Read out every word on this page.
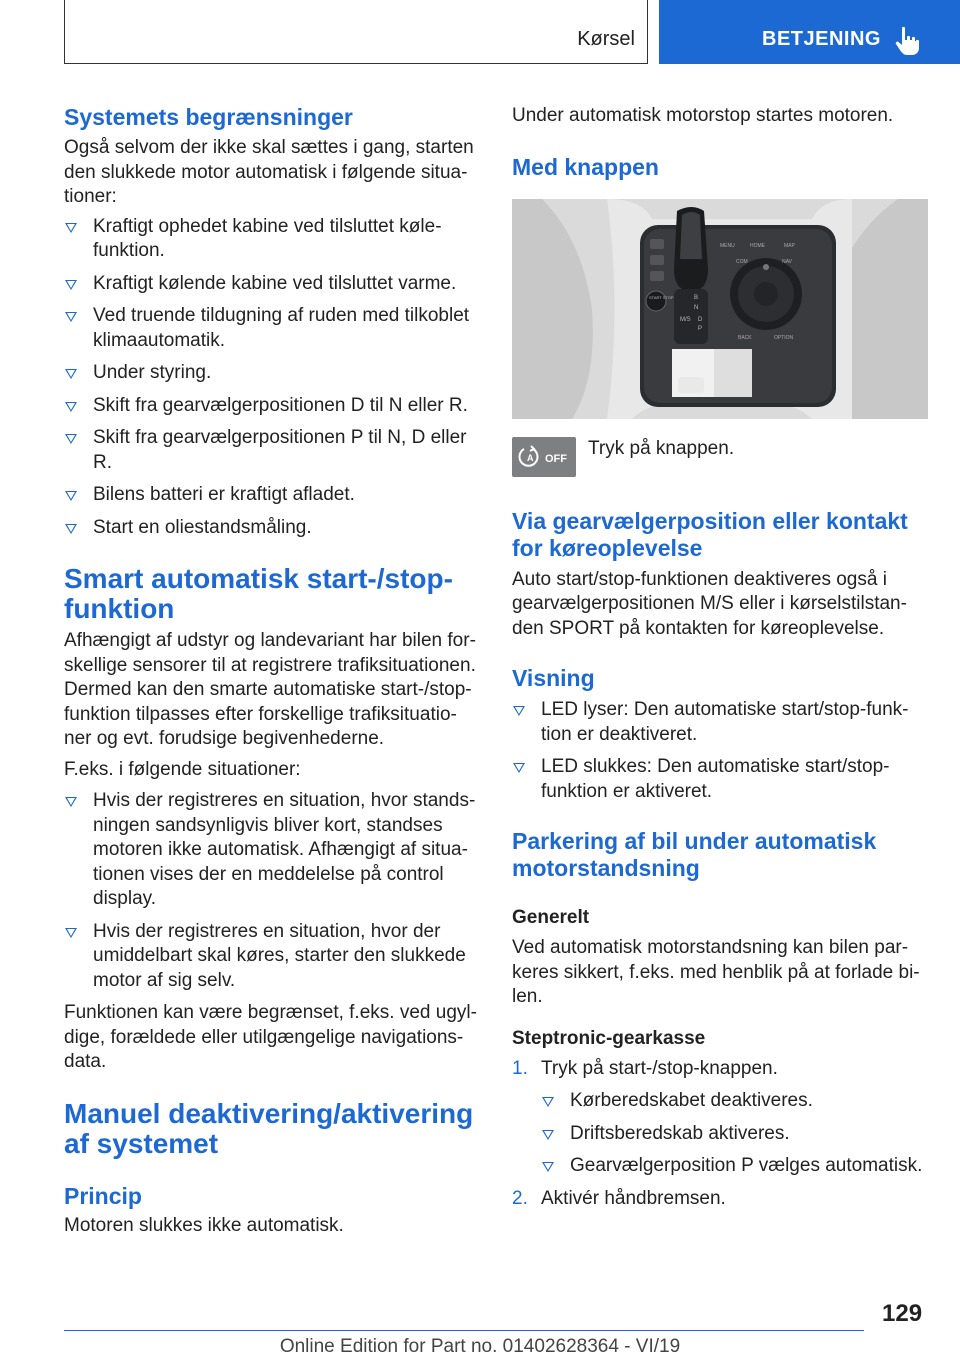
Kørsel	BETJENING
Systemets begrænsninger

Også selvom der ikke skal sættes i gang, starten den slukkede motor automatisk i følgende situa-tioner:

Kraftigt ophedet kabine ved tilsluttet køle-funktion.
Kraftigt kølende kabine ved tilsluttet varme.
Ved truende tildugning af ruden med tilkoblet klimaautomatik.
Under styring.
Skift fra gearvælgerpositionen D til N eller R.
Skift fra gearvælgerpositionen P til N, D eller R.
Bilens batteri er kraftigt afladet.
Start en oliestandsmåling.
Smart automatisk start-/stop-funktion

Afhængigt af udstyr og landevariant har bilen for-skellige sensorer til at registrere trafiksituationen. Dermed kan den smarte automatiske start-/stop-funktion tilpasses efter forskellige trafiksituatio-ner og evt. forudsige begivenhederne.

F.eks. i følgende situationer:

Hvis der registreres en situation, hvor stands-ningen sandsynligvis bliver kort, standses motoren ikke automatisk. Afhængigt af situa-tionen vises der en meddelelse på control display.
Hvis der registreres en situation, hvor der umiddelbart skal køres, starter den slukkede motor af sig selv.

Funktionen kan være begrænset, f.eks. ved ugyl-dige, forældede eller utilgængelige navigations-data.

Manuel deaktivering/aktivering af systemet
Princip

Motoren slukkes ikke automatisk.

Under automatisk motorstop startes motoren.

Med knappen
MENU	HOME	MAP
COM	NAV
BACK	OPTION
B
N
M/S D
P
START STOP
A OFF Tryk på knappen.
Via gearvælgerposition eller kontakt for køreoplevelse

Auto start/stop-funktionen deaktiveres også i gearvælgerpositionen M/S eller i kørselstilstan-den SPORT på kontakten for køreoplevelse.

Visning
LED lyser: Den automatiske start/stop-funk-tion er deaktiveret.
LED slukkes: Den automatiske start/stop-funktion er aktiveret.
Parkering af bil under automatisk motorstandsning
Generelt

Ved automatisk motorstandsning kan bilen par-keres sikkert, f.eks. med henblik på at forlade bi-len.

Steptronic-gearkasse
1. Tryk på start-/stop-knappen.
Kørberedskabet deaktiveres.
Driftsberedskab aktiveres.
Gearvælgerposition P vælges automatisk.
2. Aktivér håndbremsen.
129
Online Edition for Part no. 01402628364 - VI/19
